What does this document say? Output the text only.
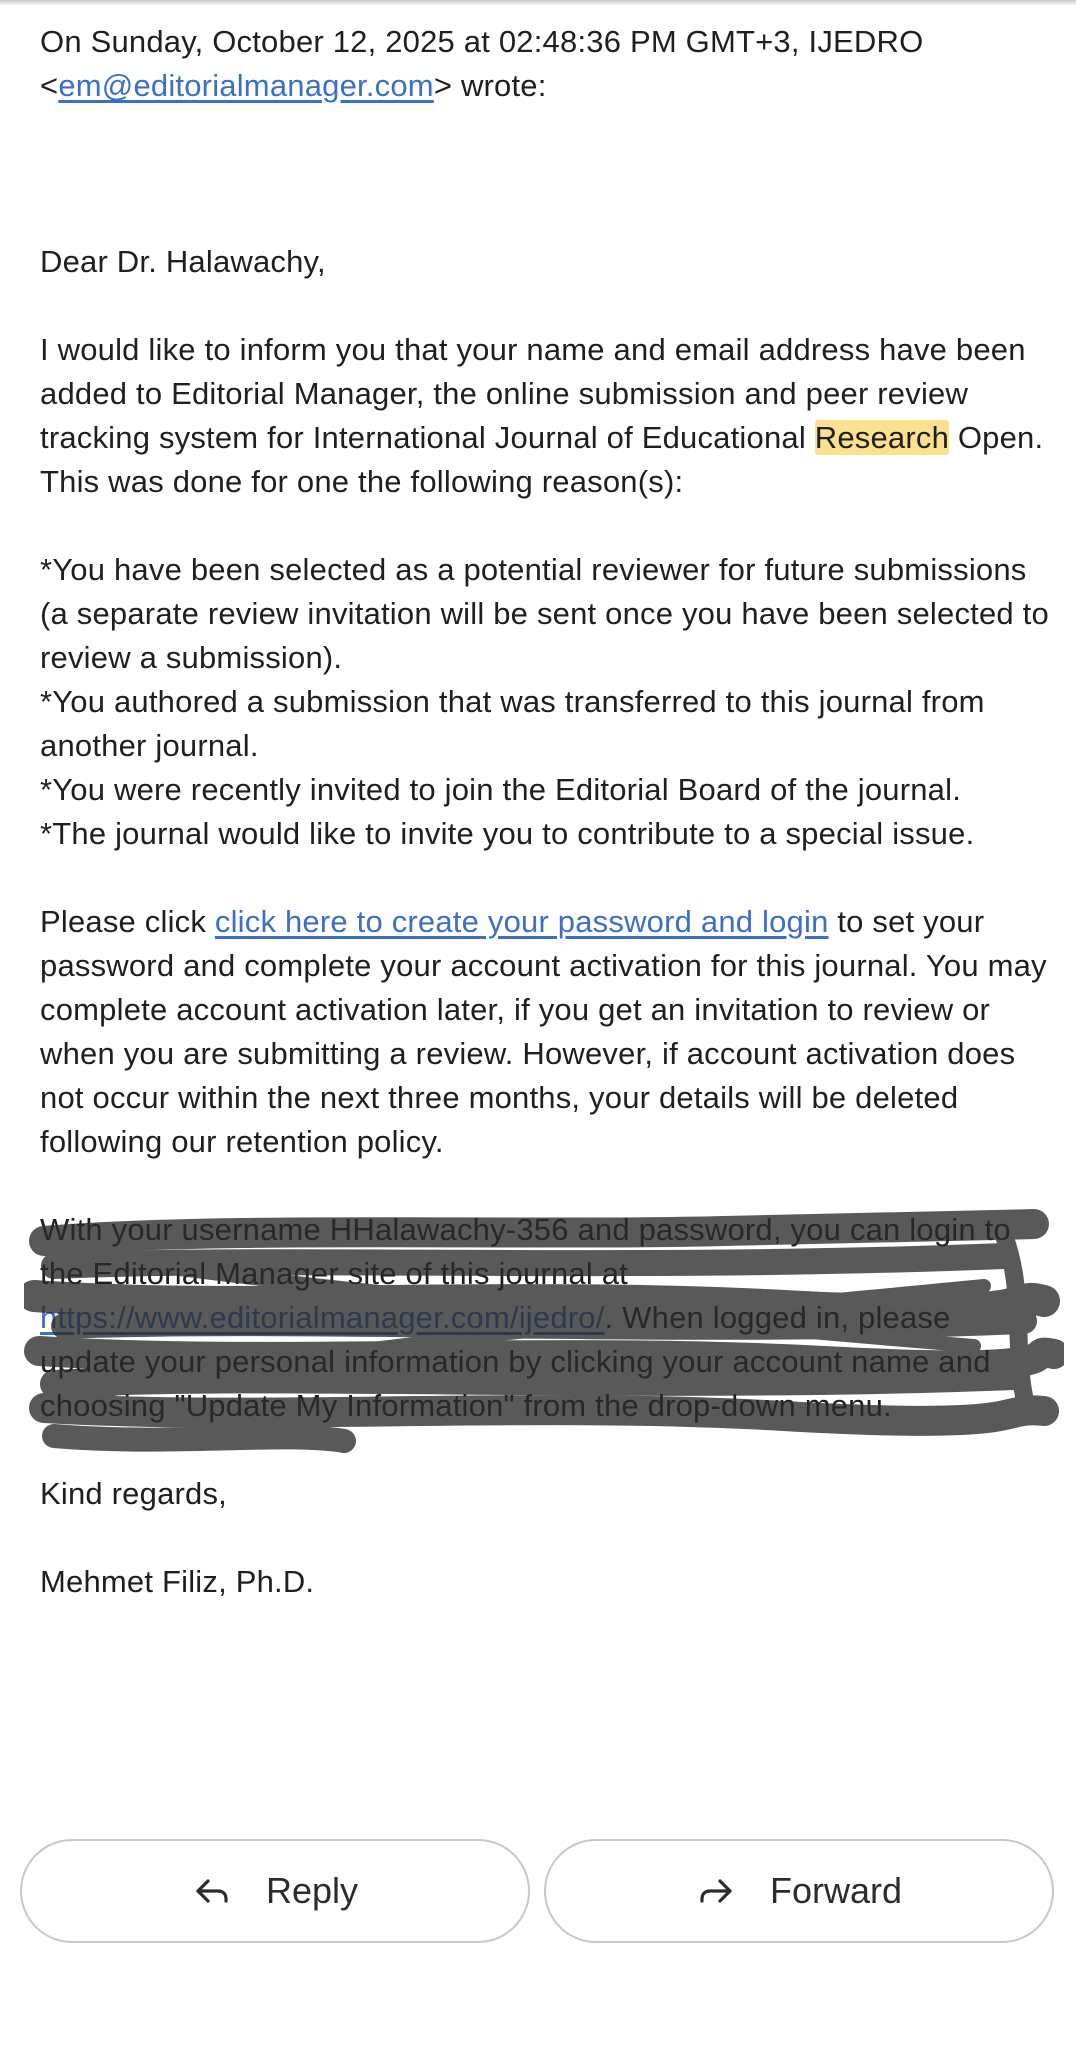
On Sunday, October 12, 2025 at 02:48:36 PM GMT+3, IJEDRO
<em@editorialmanager.com> wrote:

Dear Dr. Halawachy,

I would like to inform you that your name and email address have been added to Editorial Manager, the online submission and peer review tracking system for International Journal of Educational Research Open. This was done for one the following reason(s):

*You have been selected as a potential reviewer for future submissions (a separate review invitation will be sent once you have been selected to review a submission).

*You authored a submission that was transferred to this journal from another journal.

*You were recently invited to join the Editorial Board of the journal.

*The journal would like to invite you to contribute to a special issue.

Please click click here to create your password and login to set your password and complete your account activation for this journal. You may complete account activation later, if you get an invitation to review or when you are submitting a review. However, if account activation does not occur within the next three months, your details will be deleted following our retention policy.

With your username HHalawachy-356 and password, you can login to the Editorial Manager site of this journal at https://www.editorialmanager.com/ijedro/. When logged in, please update your personal information by clicking your account name and choosing "Update My Information" from the drop-down menu.

Kind regards,

Mehmet Filiz, Ph.D.

Reply	Forward
